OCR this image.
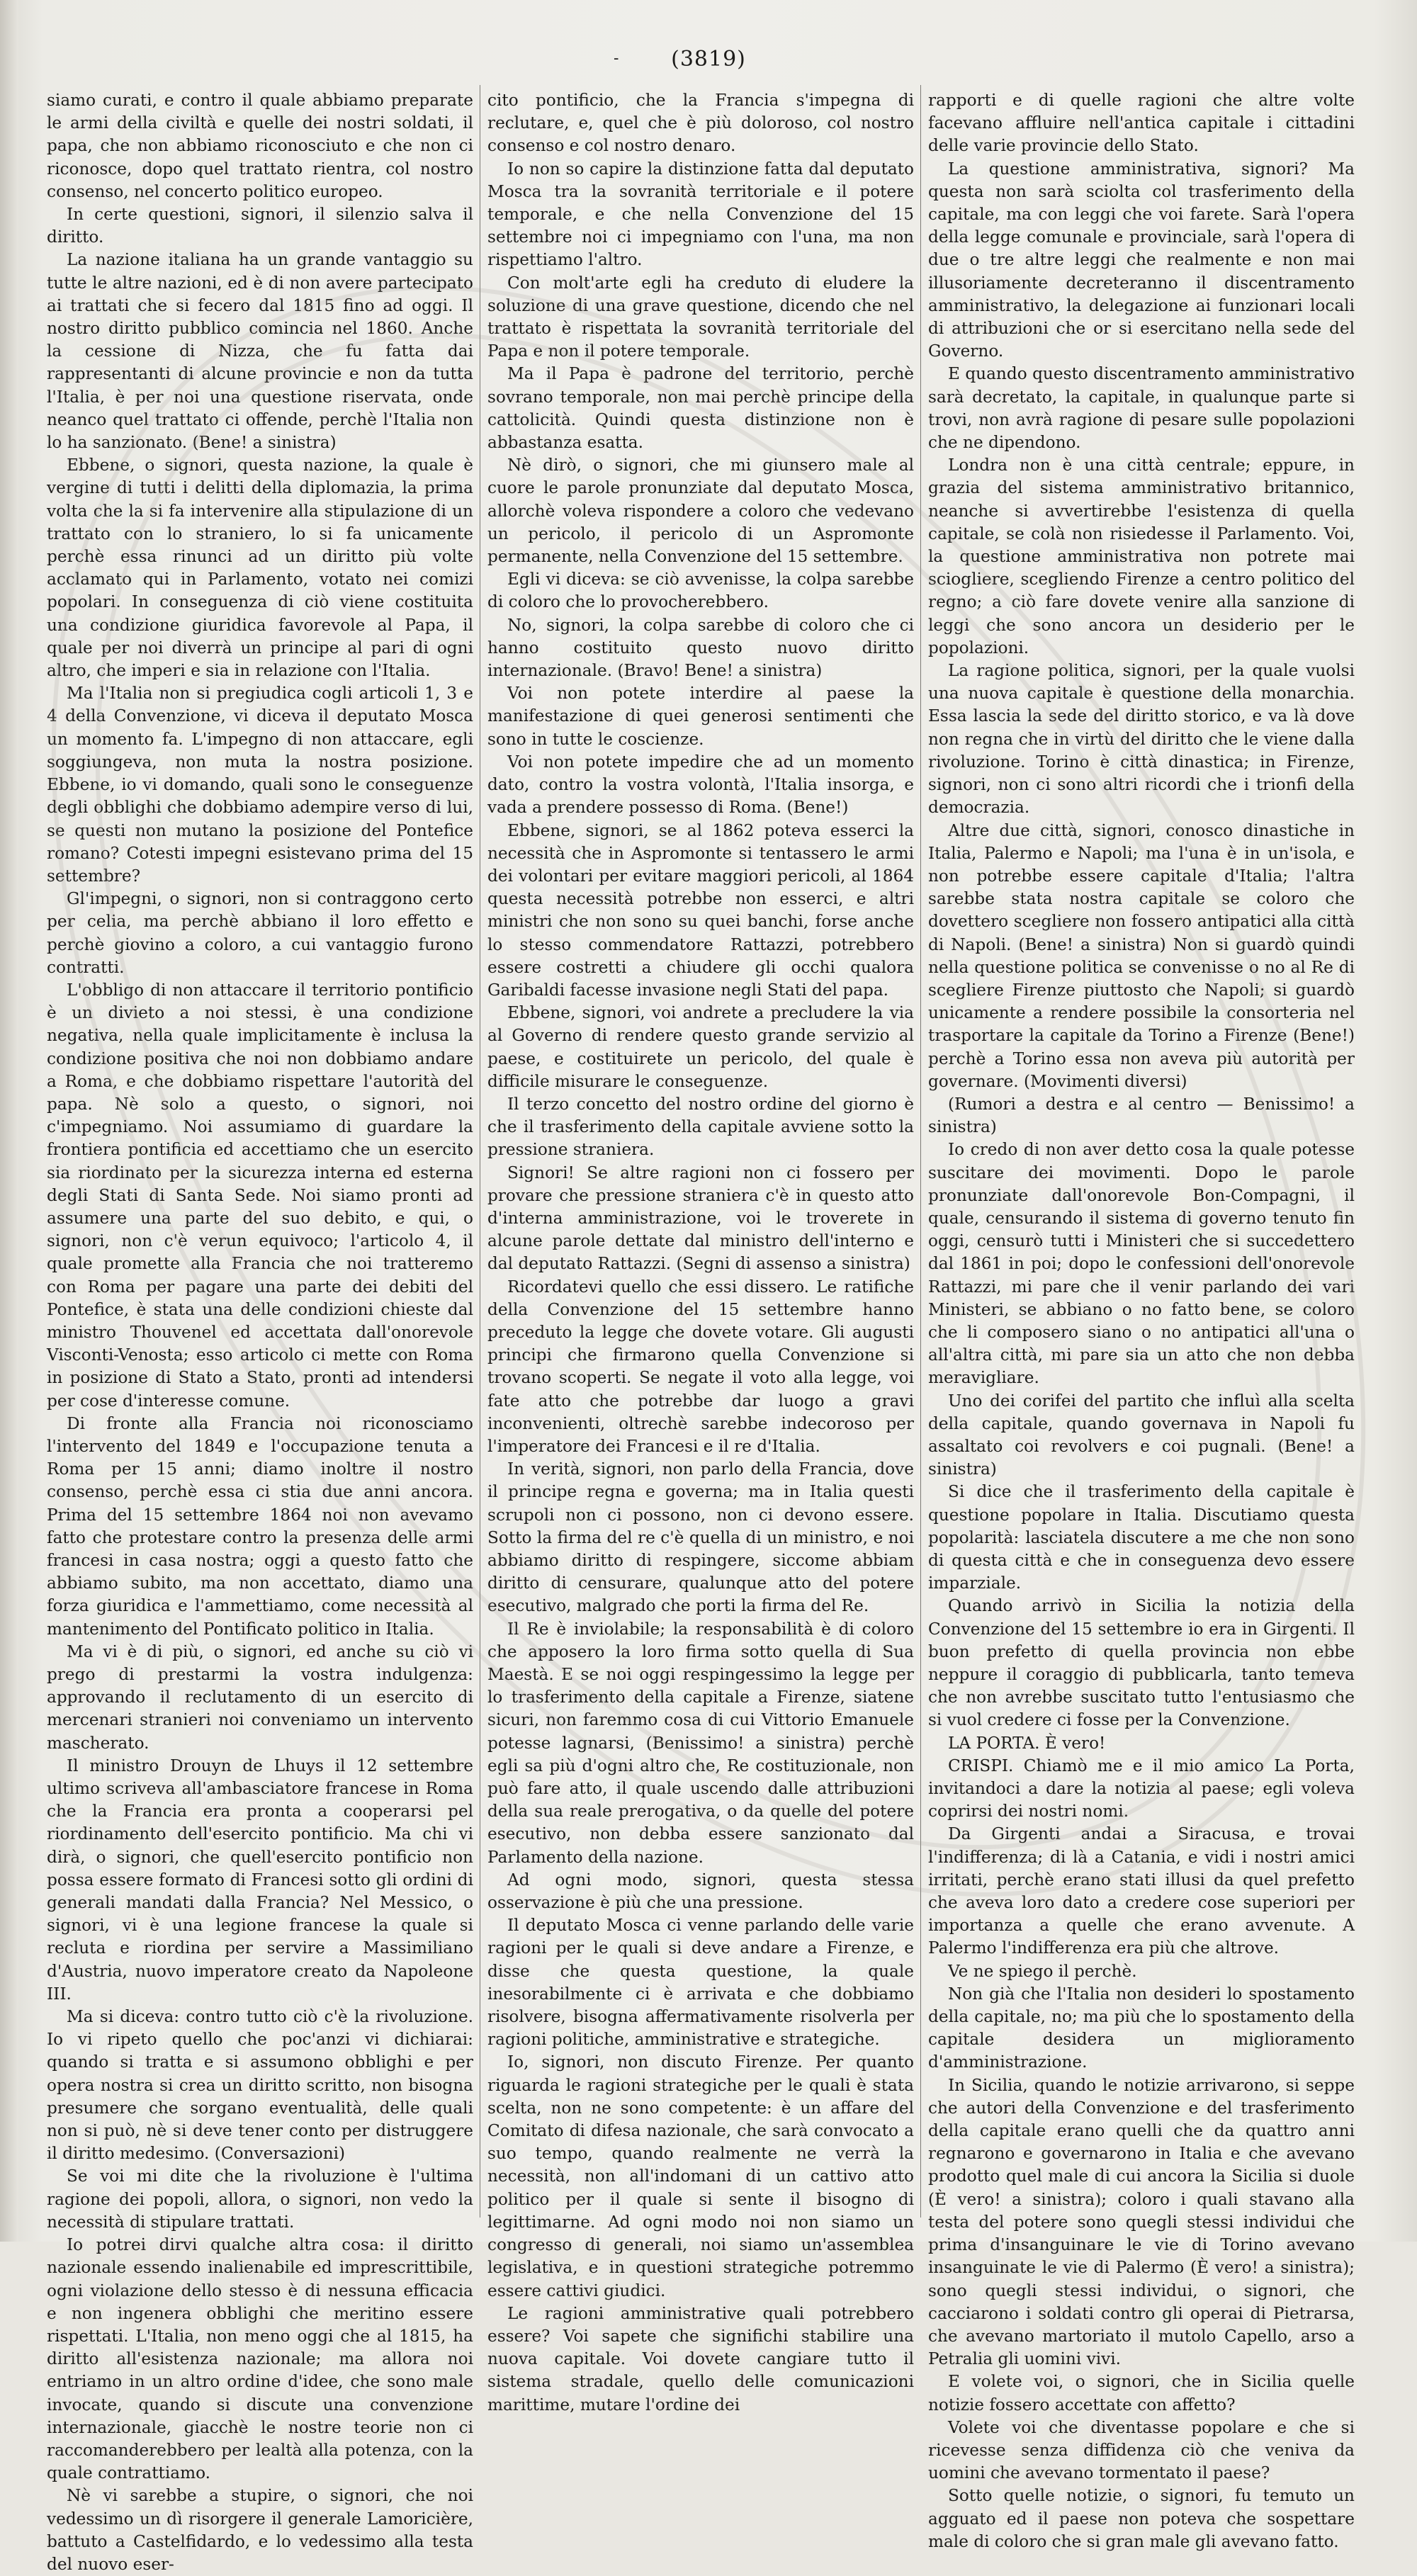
- (3819)

siamo curati, e contro il quale abbiamo preparate le armi della civiltà e quelle dei nostri soldati, il papa, che non abbiamo riconosciuto e che non ci riconosce, dopo quel trattato rientra, col nostro consenso, nel concerto politico europeo.

In certe questioni, signori, il silenzio salva il diritto.

La nazione italiana ha un grande vantaggio su tutte le altre nazioni, ed è di non avere partecipato ai trattati che si fecero dal 1815 fino ad oggi. Il nostro diritto pubblico comincia nel 1860. Anche la cessione di Nizza, che fu fatta dai rappresentanti di alcune provincie e non da tutta l'Italia, è per noi una questione riservata, onde neanco quel trattato ci offende, perchè l'Italia non lo ha sanzionato. (Bene! a sinistra)

Ebbene, o signori, questa nazione, la quale è vergine di tutti i delitti della diplomazia, la prima volta che la si fa intervenire alla stipulazione di un trattato con lo straniero, lo si fa unicamente perchè essa rinunci ad un diritto più volte acclamato qui in Parlamento, votato nei comizi popolari. In conseguenza di ciò viene costituita una condizione giuridica favorevole al Papa, il quale per noi diverrà un principe al pari di ogni altro, che imperi e sia in relazione con l'Italia.

Ma l'Italia non si pregiudica cogli articoli 1, 3 e 4 della Convenzione, vi diceva il deputato Mosca un momento fa. L'impegno di non attaccare, egli soggiungeva, non muta la nostra posizione. Ebbene, io vi domando, quali sono le conseguenze degli obblighi che dobbiamo adempire verso di lui, se questi non mutano la posizione del Pontefice romano? Cotesti impegni esistevano prima del 15 settembre?

Gl'impegni, o signori, non si contraggono certo per celia, ma perchè abbiano il loro effetto e perchè giovino a coloro, a cui vantaggio furono contratti.

L'obbligo di non attaccare il territorio pontificio è un divieto a noi stessi, è una condizione negativa, nella quale implicitamente è inclusa la condizione positiva che noi non dobbiamo andare a Roma, e che dobbiamo rispettare l'autorità del papa. Nè solo a questo, o signori, noi c'impegniamo. Noi assumiamo di guardare la frontiera pontificia ed accettiamo che un esercito sia riordinato per la sicurezza interna ed esterna degli Stati di Santa Sede. Noi siamo pronti ad assumere una parte del suo debito, e qui, o signori, non c'è verun equivoco; l'articolo 4, il quale promette alla Francia che noi tratteremo con Roma per pagare una parte dei debiti del Pontefice, è stata una delle condizioni chieste dal ministro Thouvenel ed accettata dall'onorevole Visconti-Venosta; esso articolo ci mette con Roma in posizione di Stato a Stato, pronti ad intendersi per cose d'interesse comune.

Di fronte alla Francia noi riconosciamo l'intervento del 1849 e l'occupazione tenuta a Roma per 15 anni; diamo inoltre il nostro consenso, perchè essa ci stia due anni ancora. Prima del 15 settembre 1864 noi non avevamo fatto che protestare contro la presenza delle armi francesi in casa nostra; oggi a questo fatto che abbiamo subito, ma non accettato, diamo una forza giuridica e l'ammettiamo, come necessità al mantenimento del Pontificato politico in Italia.

Ma vi è di più, o signori, ed anche su ciò vi prego di prestarmi la vostra indulgenza: approvando il reclutamento di un esercito di mercenari stranieri noi conveniamo un intervento mascherato.

Il ministro Drouyn de Lhuys il 12 settembre ultimo scriveva all'ambasciatore francese in Roma che la Francia era pronta a cooperarsi pel riordinamento dell'esercito pontificio. Ma chi vi dirà, o signori, che quell'esercito pontificio non possa essere formato di Francesi sotto gli ordini di generali mandati dalla Francia? Nel Messico, o signori, vi è una legione francese la quale si recluta e riordina per servire a Massimiliano d'Austria, nuovo imperatore creato da Napoleone III.

Ma si diceva: contro tutto ciò c'è la rivoluzione. Io vi ripeto quello che poc'anzi vi dichiarai: quando si tratta e si assumono obblighi e per opera nostra si crea un diritto scritto, non bisogna presumere che sorgano eventualità, delle quali non si può, nè si deve tener conto per distruggere il diritto medesimo. (Conversazioni)

Se voi mi dite che la rivoluzione è l'ultima ragione dei popoli, allora, o signori, non vedo la necessità di stipulare trattati.

Io potrei dirvi qualche altra cosa: il diritto nazionale essendo inalienabile ed imprescrittibile, ogni violazione dello stesso è di nessuna efficacia e non ingenera obblighi che meritino essere rispettati. L'Italia, non meno oggi che al 1815, ha diritto all'esistenza nazionale; ma allora noi entriamo in un altro ordine d'idee, che sono male invocate, quando si discute una convenzione internazionale, giacchè le nostre teorie non ci raccomanderebbero per lealtà alla potenza, con la quale contrattiamo.

Nè vi sarebbe a stupire, o signori, che noi vedessimo un dì risorgere il generale Lamoricière, battuto a Castelfidardo, e lo vedessimo alla testa del nuovo eser-

cito pontificio, che la Francia s'impegna di reclutare, e, quel che è più doloroso, col nostro consenso e col nostro denaro.

Io non so capire la distinzione fatta dal deputato Mosca tra la sovranità territoriale e il potere temporale, e che nella Convenzione del 15 settembre noi ci impegniamo con l'una, ma non rispettiamo l'altro.

Con molt'arte egli ha creduto di eludere la soluzione di una grave questione, dicendo che nel trattato è rispettata la sovranità territoriale del Papa e non il potere temporale.

Ma il Papa è padrone del territorio, perchè sovrano temporale, non mai perchè principe della cattolicità. Quindi questa distinzione non è abbastanza esatta.

Nè dirò, o signori, che mi giunsero male al cuore le parole pronunziate dal deputato Mosca, allorchè voleva rispondere a coloro che vedevano un pericolo, il pericolo di un Aspromonte permanente, nella Convenzione del 15 settembre.

Egli vi diceva: se ciò avvenisse, la colpa sarebbe di coloro che lo provocherebbero.

No, signori, la colpa sarebbe di coloro che ci hanno costituito questo nuovo diritto internazionale. (Bravo! Bene! a sinistra)

Voi non potete interdire al paese la manifestazione di quei generosi sentimenti che sono in tutte le coscienze.

Voi non potete impedire che ad un momento dato, contro la vostra volontà, l'Italia insorga, e vada a prendere possesso di Roma. (Bene!)

Ebbene, signori, se al 1862 poteva esserci la necessità che in Aspromonte si tentassero le armi dei volontari per evitare maggiori pericoli, al 1864 questa necessità potrebbe non esserci, e altri ministri che non sono su quei banchi, forse anche lo stesso commendatore Rattazzi, potrebbero essere costretti a chiudere gli occhi qualora Garibaldi facesse invasione negli Stati del papa.

Ebbene, signori, voi andrete a precludere la via al Governo di rendere questo grande servizio al paese, e costituirete un pericolo, del quale è difficile misurare le conseguenze.

Il terzo concetto del nostro ordine del giorno è che il trasferimento della capitale avviene sotto la pressione straniera.

Signori! Se altre ragioni non ci fossero per provare che pressione straniera c'è in questo atto d'interna amministrazione, voi le troverete in alcune parole dettate dal ministro dell'interno e dal deputato Rattazzi. (Segni di assenso a sinistra)

Ricordatevi quello che essi dissero. Le ratifiche della Convenzione del 15 settembre hanno preceduto la legge che dovete votare. Gli augusti principi che firmarono quella Convenzione si trovano scoperti. Se negate il voto alla legge, voi fate atto che potrebbe dar luogo a gravi inconvenienti, oltrechè sarebbe indecoroso per l'imperatore dei Francesi e il re d'Italia.

In verità, signori, non parlo della Francia, dove il principe regna e governa; ma in Italia questi scrupoli non ci possono, non ci devono essere. Sotto la firma del re c'è quella di un ministro, e noi abbiamo diritto di respingere, siccome abbiam diritto di censurare, qualunque atto del potere esecutivo, malgrado che porti la firma del Re.

Il Re è inviolabile; la responsabilità è di coloro che apposero la loro firma sotto quella di Sua Maestà. E se noi oggi respingessimo la legge per lo trasferimento della capitale a Firenze, siatene sicuri, non faremmo cosa di cui Vittorio Emanuele potesse lagnarsi, (Benissimo! a sinistra) perchè egli sa più d'ogni altro che, Re costituzionale, non può fare atto, il quale uscendo dalle attribuzioni della sua reale prerogativa, o da quelle del potere esecutivo, non debba essere sanzionato dal Parlamento della nazione.

Ad ogni modo, signori, questa stessa osservazione è più che una pressione.

Il deputato Mosca ci venne parlando delle varie ragioni per le quali si deve andare a Firenze, e disse che questa questione, la quale inesorabilmente ci è arrivata e che dobbiamo risolvere, bisogna affermativamente risolverla per ragioni politiche, amministrative e strategiche.

Io, signori, non discuto Firenze. Per quanto riguarda le ragioni strategiche per le quali è stata scelta, non ne sono competente: è un affare del Comitato di difesa nazionale, che sarà convocato a suo tempo, quando realmente ne verrà la necessità, non all'indomani di un cattivo atto politico per il quale si sente il bisogno di legittimarne. Ad ogni modo noi non siamo un congresso di generali, noi siamo un'assemblea legislativa, e in questioni strategiche potremmo essere cattivi giudici.

Le ragioni amministrative quali potrebbero essere? Voi sapete che significhi stabilire una nuova capitale. Voi dovete cangiare tutto il sistema stradale, quello delle comunicazioni marittime, mutare l'ordine dei

rapporti e di quelle ragioni che altre volte facevano affluire nell'antica capitale i cittadini delle varie provincie dello Stato.

La questione amministrativa, signori? Ma questa non sarà sciolta col trasferimento della capitale, ma con leggi che voi farete. Sarà l'opera della legge comunale e provinciale, sarà l'opera di due o tre altre leggi che realmente e non mai illusoriamente decreteranno il discentramento amministrativo, la delegazione ai funzionari locali di attribuzioni che or si esercitano nella sede del Governo.

E quando questo discentramento amministrativo sarà decretato, la capitale, in qualunque parte si trovi, non avrà ragione di pesare sulle popolazioni che ne dipendono.

Londra non è una città centrale; eppure, in grazia del sistema amministrativo britannico, neanche si avvertirebbe l'esistenza di quella capitale, se colà non risiedesse il Parlamento. Voi, la questione amministrativa non potrete mai sciogliere, scegliendo Firenze a centro politico del regno; a ciò fare dovete venire alla sanzione di leggi che sono ancora un desiderio per le popolazioni.

La ragione politica, signori, per la quale vuolsi una nuova capitale è questione della monarchia. Essa lascia la sede del diritto storico, e va là dove non regna che in virtù del diritto che le viene dalla rivoluzione. Torino è città dinastica; in Firenze, signori, non ci sono altri ricordi che i trionfi della democrazia.

Altre due città, signori, conosco dinastiche in Italia, Palermo e Napoli; ma l'una è in un'isola, e non potrebbe essere capitale d'Italia; l'altra sarebbe stata nostra capitale se coloro che dovettero scegliere non fossero antipatici alla città di Napoli. (Bene! a sinistra) Non si guardò quindi nella questione politica se convenisse o no al Re di scegliere Firenze piuttosto che Napoli; si guardò unicamente a rendere possibile la consorteria nel trasportare la capitale da Torino a Firenze (Bene!) perchè a Torino essa non aveva più autorità per governare. (Movimenti diversi)

(Rumori a destra e al centro — Benissimo! a sinistra)

Io credo di non aver detto cosa la quale potesse suscitare dei movimenti. Dopo le parole pronunziate dall'onorevole Bon-Compagni, il quale, censurando il sistema di governo tenuto fin oggi, censurò tutti i Ministeri che si succedettero dal 1861 in poi; dopo le confessioni dell'onorevole Rattazzi, mi pare che il venir parlando dei vari Ministeri, se abbiano o no fatto bene, se coloro che li composero siano o no antipatici all'una o all'altra città, mi pare sia un atto che non debba meravigliare.

Uno dei corifei del partito che influì alla scelta della capitale, quando governava in Napoli fu assaltato coi revolvers e coi pugnali. (Bene! a sinistra)

Si dice che il trasferimento della capitale è questione popolare in Italia. Discutiamo questa popolarità: lasciatela discutere a me che non sono di questa città e che in conseguenza devo essere imparziale.

Quando arrivò in Sicilia la notizia della Convenzione del 15 settembre io era in Girgenti. Il buon prefetto di quella provincia non ebbe neppure il coraggio di pubblicarla, tanto temeva che non avrebbe suscitato tutto l'entusiasmo che si vuol credere ci fosse per la Convenzione.

LA PORTA. È vero!

CRISPI. Chiamò me e il mio amico La Porta, invitandoci a dare la notizia al paese; egli voleva coprirsi dei nostri nomi.

Da Girgenti andai a Siracusa, e trovai l'indifferenza; di là a Catania, e vidi i nostri amici irritati, perchè erano stati illusi da quel prefetto che aveva loro dato a credere cose superiori per importanza a quelle che erano avvenute. A Palermo l'indifferenza era più che altrove.

Ve ne spiego il perchè.

Non già che l'Italia non desideri lo spostamento della capitale, no; ma più che lo spostamento della capitale desidera un miglioramento d'amministrazione.

In Sicilia, quando le notizie arrivarono, si seppe che autori della Convenzione e del trasferimento della capitale erano quelli che da quattro anni regnarono e governarono in Italia e che avevano prodotto quel male di cui ancora la Sicilia si duole (È vero! a sinistra); coloro i quali stavano alla testa del potere sono quegli stessi individui che prima d'insanguinare le vie di Torino avevano insanguinate le vie di Palermo (È vero! a sinistra); sono quegli stessi individui, o signori, che cacciarono i soldati contro gli operai di Pietrarsa, che avevano martoriato il mutolo Capello, arso a Petralia gli uomini vivi.

E volete voi, o signori, che in Sicilia quelle notizie fossero accettate con affetto?

Volete voi che diventasse popolare e che si ricevesse senza diffidenza ciò che veniva da uomini che avevano tormentato il paese?

Sotto quelle notizie, o signori, fu temuto un agguato ed il paese non poteva che sospettare male di coloro che si gran male gli avevano fatto.
